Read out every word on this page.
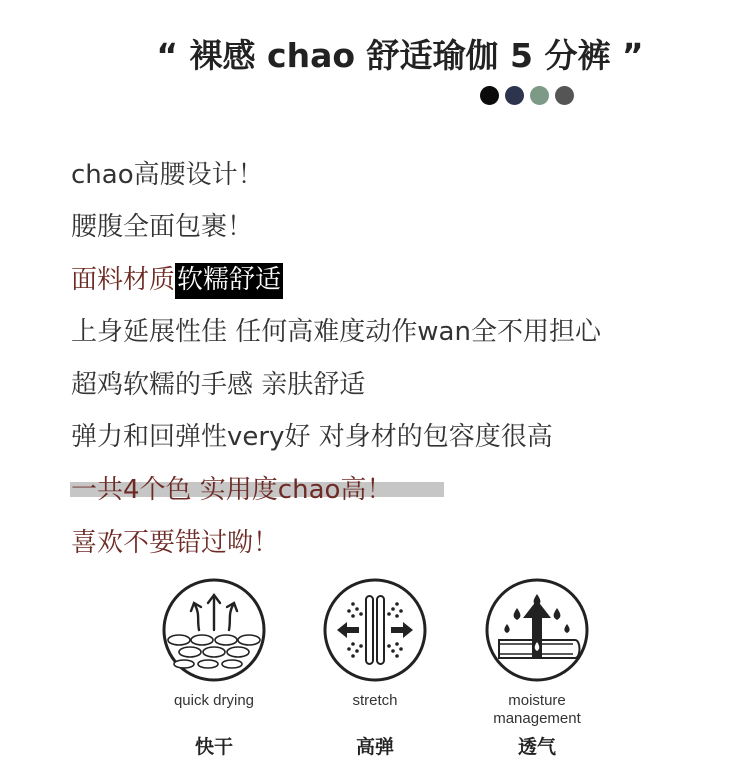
“ 裸感 chao 舒适瑜伽 5 分裤 ”
chao高腰设计！
腰腹全面包裹！
面料材质软糯舒适
上身延展性佳 任何高难度动作wan全不用担心
超鸡软糯的手感 亲肤舒适
弹力和回弹性very好 对身材的包容度很高
一共4个色 实用度chao高！
喜欢不要错过呦！
quick drying
快干
stretch
高弹
moisture management
透气
